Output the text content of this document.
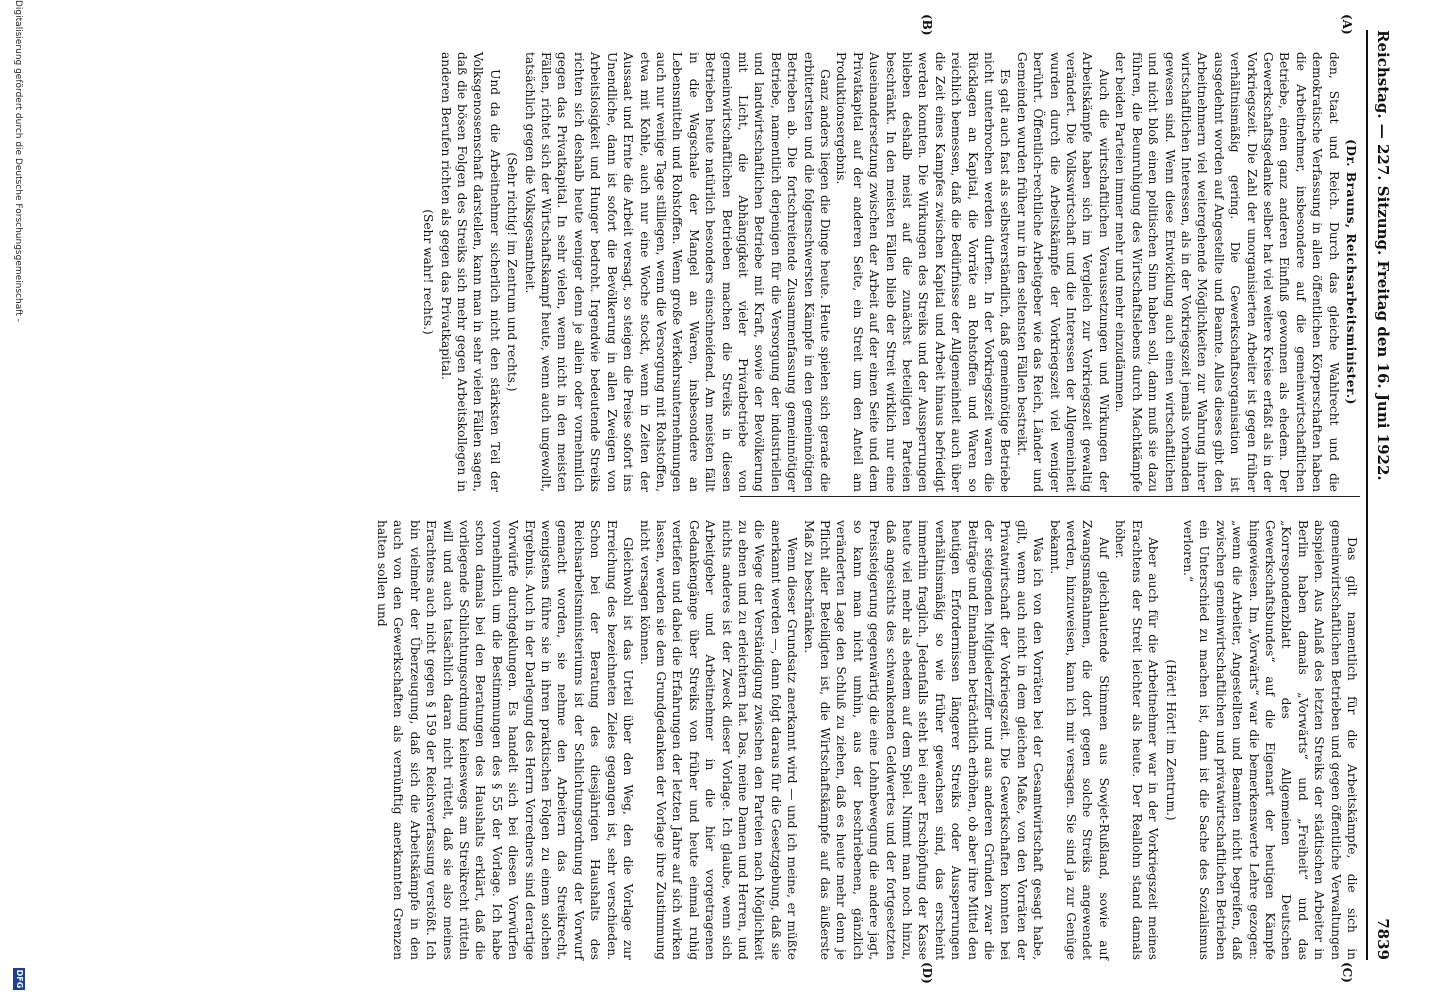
Reichstag. — 227. Sitzung. Freitag den 16. Juni 1922.
7839
(A)
(B)
(C)
(D)

(Dr. Brauns, Reichsarbeitsminister.)

den, Staat und Reich. Durch das gleiche Wahlrecht und die demokratische Verfassung in allen öffentlichen Körperschaften haben die Arbeitnehmer, insbesondere auf die gemeinwirtschaftlichen Betriebe, einen ganz anderen Einfluß gewonnen als ehedem. Der Gewerkschaftsgedanke selber hat viel weitere Kreise erfaßt als in der Vorkriegszeit. Die Zahl der unorganisierten Arbeiter ist gegen früher verhältnismäßig gering. Die Gewerkschaftsorganisation ist ausgedehnt worden auf Angestellte und Beamte. Alles dieses gibt den Arbeitnehmern viel weitergehende Möglichkeiten zur Wahrung ihrer wirtschaftlichen Interessen, als in der Vorkriegszeit jemals vorhanden gewesen sind. Wenn diese Entwicklung auch einen wirtschaftlichen und nicht bloß einen politischen Sinn haben soll, dann muß sie dazu führen, die Beunruhigung des Wirtschaftslebens durch Machtkämpfe der beiden Parteien immer mehr und mehr einzudämmen.

Auch die wirtschaftlichen Voraussetzungen und Wirkungen der Arbeitskämpfe haben sich im Vergleich zur Vorkriegszeit gewaltig verändert. Die Volkswirtschaft und die Interessen der Allgemeinheit wurden durch die Arbeitskämpfe der Vorkriegszeit viel weniger berührt. Öffentlich-rechtliche Arbeitgeber wie das Reich, Länder und Gemeinden wurden früher nur in den seltensten Fällen bestreikt.

Es galt auch fast als selbstverständlich, daß gemeinnötige Betriebe nicht unterbrochen werden durften. In der Vorkriegszeit waren die Rücklagen an Kapital, die Vorräte an Rohstoffen und Waren so reichlich bemessen, daß die Bedürfnisse der Allgemeinheit auch über die Zeit eines Kampfes zwischen Kapital und Arbeit hinaus befriedigt werden konnten. Die Wirkungen des Streiks und der Aussperrungen blieben deshalb meist auf die zunächst beteiligten Parteien beschränkt. In den meisten Fällen blieb der Streit wirklich nur eine Auseinandersetzung zwischen der Arbeit auf der einen Seite und dem Privatkapital auf der anderen Seite, ein Streit um den Anteil am Produktionsergebnis.

Ganz anders liegen die Dinge heute. Heute spielen sich gerade die erbittertsten und die folgenschwersten Kämpfe in den gemeinnötigen Betrieben ab. Die fortschreitende Zusammenfassung gemeinnötiger Betriebe, namentlich derjenigen für die Versorgung der industriellen und landwirtschaftlichen Betriebe mit Kraft, sowie der Bevölkerung mit Licht, die Abhängigkeit vieler Privatbetriebe von gemeinwirtschaftlichen Betrieben machen die Streiks in diesen Betrieben heute natürlich besonders einschneidend. Am meisten fällt in die Wagschale der Mangel an Waren, insbesondere an Lebensmitteln und Rohstoffen. Wenn große Verkehrsunternehmungen auch nur wenige Tage stilliegen, wenn die Versorgung mit Rohstoffen, etwa mit Kohle, auch nur eine Woche stockt, wenn in Zeiten der Aussaat und Ernte die Arbeit versagt, so steigen die Preise sofort ins Unendliche, dann ist sofort die Bevölkerung in allen Zweigen von Arbeitslosigkeit und Hunger bedroht. Irgendwie bedeutende Streiks richten sich deshalb heute weniger denn je allein oder vornehmlich gegen das Privatkapital. In sehr vielen, wenn nicht in den meisten Fällen, richtet sich der Wirtschaftskampf heute, wenn auch ungewollt, tatsächlich gegen die Volksgesamtheit.

(Sehr richtig! im Zentrum und rechts.)

Und da die Arbeitnehmer sicherlich nicht den stärksten Teil der Volksgenossenschaft darstellen, kann man in sehr vielen Fällen sagen, daß die bösen Folgen des Streiks sich mehr gegen Arbeitskollegen in anderen Berufen richten als gegen das Privatkapital.

(Sehr wahr! rechts.)

Das gilt namentlich für die Arbeitskämpfe, die sich in gemeinwirtschaftlichen Betrieben und gegen öffentliche Verwaltungen abspielen. Aus Anlaß des letzten Streiks der städtischen Arbeiter in Berlin haben damals „Vorwärts“ und „Freiheit“ und das „Korrespondenzblatt des Allgemeinen Deutschen Gewerkschaftsbundes“ auf die Eigenart der heutigen Kämpfe hingewiesen. Im „Vorwärts“ war die bemerkenswerte Lehre gezogen: „wenn die Arbeiter, Angestellten und Beamten nicht begreifen, daß zwischen gemeinwirtschaftlichen und privatwirtschaftlichen Betrieben ein Unterschied zu machen ist, dann ist die Sache des Sozialismus verloren.“

(Hört! Hört! im Zentrum.)

Aber auch für die Arbeitnehmer war in der Vorkriegszeit meines Erachtens der Streit leichter als heute. Der Reallohn stand damals höher.

Auf gleichlautende Stimmen aus Sowjet-Rußland, sowie auf Zwangsmaßnahmen, die dort gegen solche Streiks angewendet werden, hinzuweisen, kann ich mir versagen. Sie sind ja zur Genüge bekannt.

Was ich von den Vorräten bei der Gesamtwirtschaft gesagt habe, gilt, wenn auch nicht in dem gleichen Maße, von den Vorräten der Privatwirtschaft der Vorkriegszeit. Die Gewerkschaften konnten bei der steigenden Mitgliederziffer und aus anderen Gründen zwar die Beiträge und Einnahmen beträchtlich erhöhen, ob aber ihre Mittel den heutigen Erfordernissen längerer Streiks oder Aussperrungen verhältnismäßig so wie früher gewachsen sind, das erscheint immerhin fraglich. Jedenfalls steht bei einer Erschöpfung der Kasse heute viel mehr als ehedem auf dem Spiel. Nimmt man noch hinzu, daß angesichts des schwankenden Geldwertes und der fortgesetzten Preissteigerung gegenwärtig die eine Lohnbewegung die andere jagt, so kann man nicht umhin, aus der beschriebenen, gänzlich veränderten Lage den Schluß zu ziehen, daß es heute mehr denn je Pflicht aller Beteiligten ist, die Wirtschaftskämpfe auf das äußerste Maß zu beschränken.

Wenn dieser Grundsatz anerkannt wird — und ich meine, er müßte anerkannt werden —, dann folgt daraus für die Gesetzgebung, daß sie die Wege der Verständigung zwischen den Parteien nach Möglichkeit zu ebnen und zu erleichtern hat. Das, meine Damen und Herren, und nichts anderes ist der Zweck dieser Vorlage. Ich glaube, wenn sich Arbeitgeber und Arbeitnehmer in die hier vorgetragenen Gedankengänge über Streiks von früher und heute einmal ruhig vertiefen und dabei die Erfahrungen der letzten Jahre auf sich wirken lassen, werden sie dem Grundgedanken der Vorlage ihre Zustimmung nicht versagen können.

Gleichwohl ist das Urteil über den Weg, den die Vorlage zur Erreichung des bezeichneten Zieles gegangen ist, sehr verschieden. Schon bei der Beratung des diesjährigen Haushalts des Reichsarbeitsministeriums ist der Schlichtungsordnung der Vorwurf gemacht worden, sie nehme den Arbeitern das Streikrecht, wenigstens führe sie in ihren praktischen Folgen zu einem solchen Ergebnis. Auch in der Darlegung des Herrn Vorredners sind derartige Vorwürfe durchgeklungen. Es handelt sich bei diesen Vorwürfen vornehmlich um die Bestimmungen des § 55 der Vorlage. Ich habe schon damals bei den Beratungen des Haushalts erklärt, daß die vorliegende Schlichtungsordnung keineswegs am Streikrecht rütteln will und auch tatsächlich daran nicht rüttelt, daß sie also meines Erachtens auch nicht gegen § 159 der Reichsverfassung verstößt. Ich bin vielmehr der Überzeugung, daß sich die Arbeitskämpfe in den auch von den Gewerkschaften als vernünftig anerkannten Grenzen halten sollen und

Digitalisierung gefördert durch die Deutsche Forschungsgemeinschaft -
DFG
